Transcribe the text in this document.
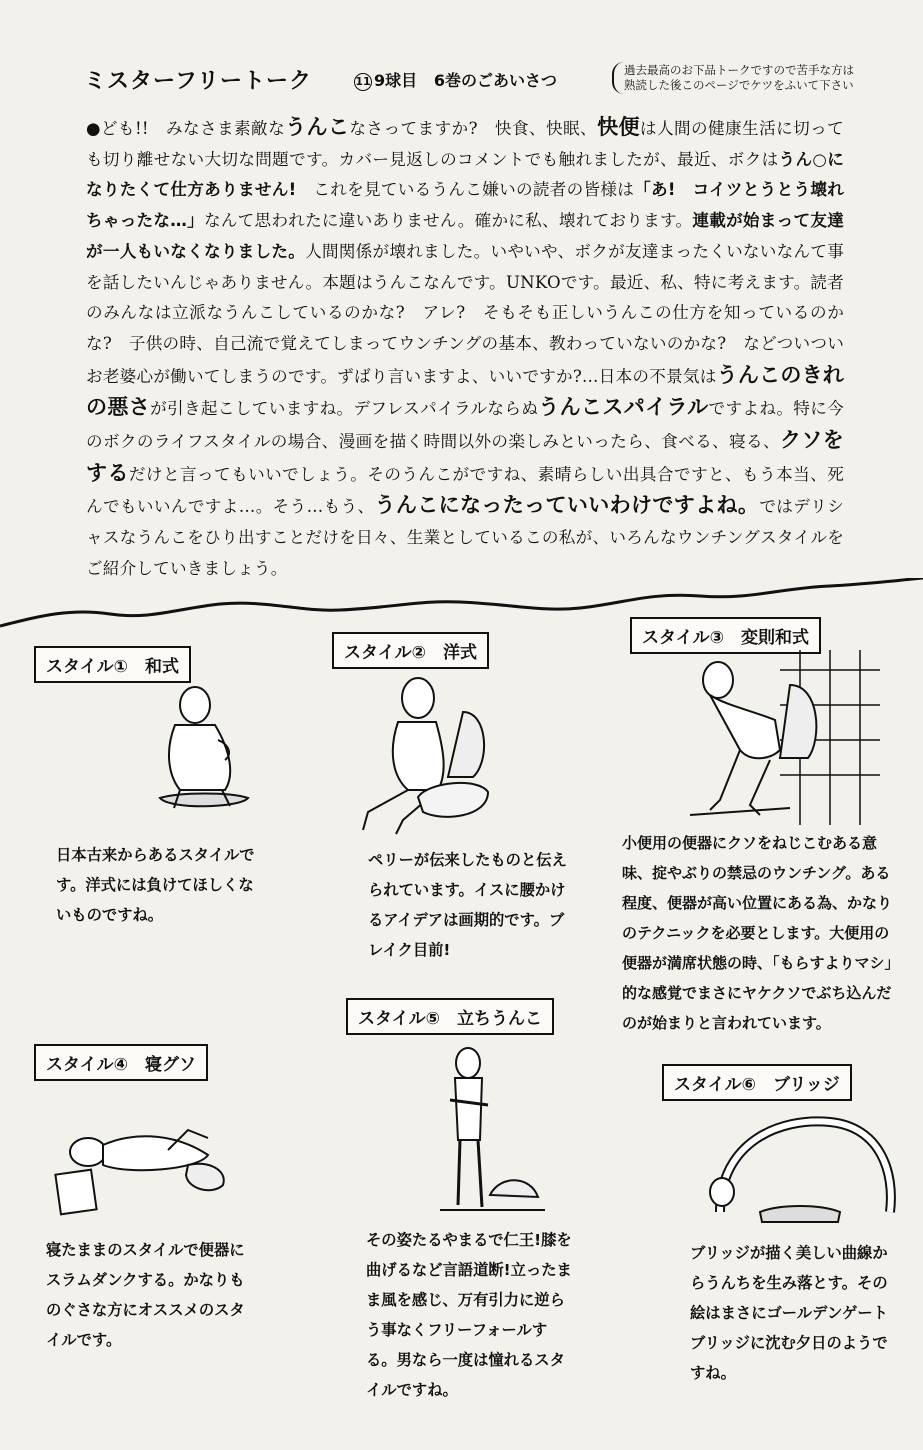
ミスターフリートーク	11 9球目 6巻のごあいさつ
過去最高のお下品トークですので苦手な方は
熟読した後このページでケツをふいて下さい
●ども!!　みなさま素敵なうんこなさってますか?　快食、快眠、快便は人間の健康生活に切っても切り離せない大切な問題です。カバー見返しのコメントでも触れましたが、最近、ボクはうん○になりたくて仕方ありません!　これを見ているうんこ嫌いの読者の皆様は「あ!　コイツとうとう壊れちゃったな…」なんて思われたに違いありません。確かに私、壊れております。連載が始まって友達が一人もいなくなりました。人間関係が壊れました。いやいや、ボクが友達まったくいないなんて事を話したいんじゃありません。本題はうんこなんです。UNKOです。最近、私、特に考えます。読者のみんなは立派なうんこしているのかな?　アレ?　そもそも正しいうんこの仕方を知っているのかな?　子供の時、自己流で覚えてしまってウンチングの基本、教わっていないのかな?　などついついお老婆心が働いてしまうのです。ずばり言いますよ、いいですか?…日本の不景気はうんこのきれの悪さが引き起こしていますね。デフレスパイラルならぬうんこスパイラルですよね。特に今のボクのライフスタイルの場合、漫画を描く時間以外の楽しみといったら、食べる、寝る、クソをするだけと言ってもいいでしょう。そのうんこがですね、素晴らしい出具合ですと、もう本当、死んでもいいんですよ…。そう…もう、うんこになったっていいわけですよね。ではデリシャスなうんこをひり出すことだけを日々、生業としているこの私が、いろんなウンチングスタイルをご紹介していきましょう。
スタイル①　和式
日本古来からあるスタイルです。洋式には負けてほしくないものですね。
スタイル②　洋式
ペリーが伝来したものと伝えられています。イスに腰かけるアイデアは画期的です。ブレイク目前!
スタイル③　変則和式
小便用の便器にクソをねじこむある意味、掟やぶりの禁忌のウンチング。ある程度、便器が高い位置にある為、かなりのテクニックを必要とします。大便用の便器が満席状態の時、「もらすよりマシ」的な感覚でまさにヤケクソでぶち込んだのが始まりと言われています。
スタイル④　寝グソ
寝たままのスタイルで便器にスラムダンクする。かなりものぐさな方にオススメのスタイルです。
スタイル⑤　立ちうんこ
その姿たるやまるで仁王!膝を曲げるなど言語道断!立ったまま風を感じ、万有引力に逆らう事なくフリーフォールする。男なら一度は憧れるスタイルですね。
スタイル⑥　ブリッジ
ブリッジが描く美しい曲線からうんちを生み落とす。その絵はまさにゴールデンゲートブリッジに沈む夕日のようですね。
